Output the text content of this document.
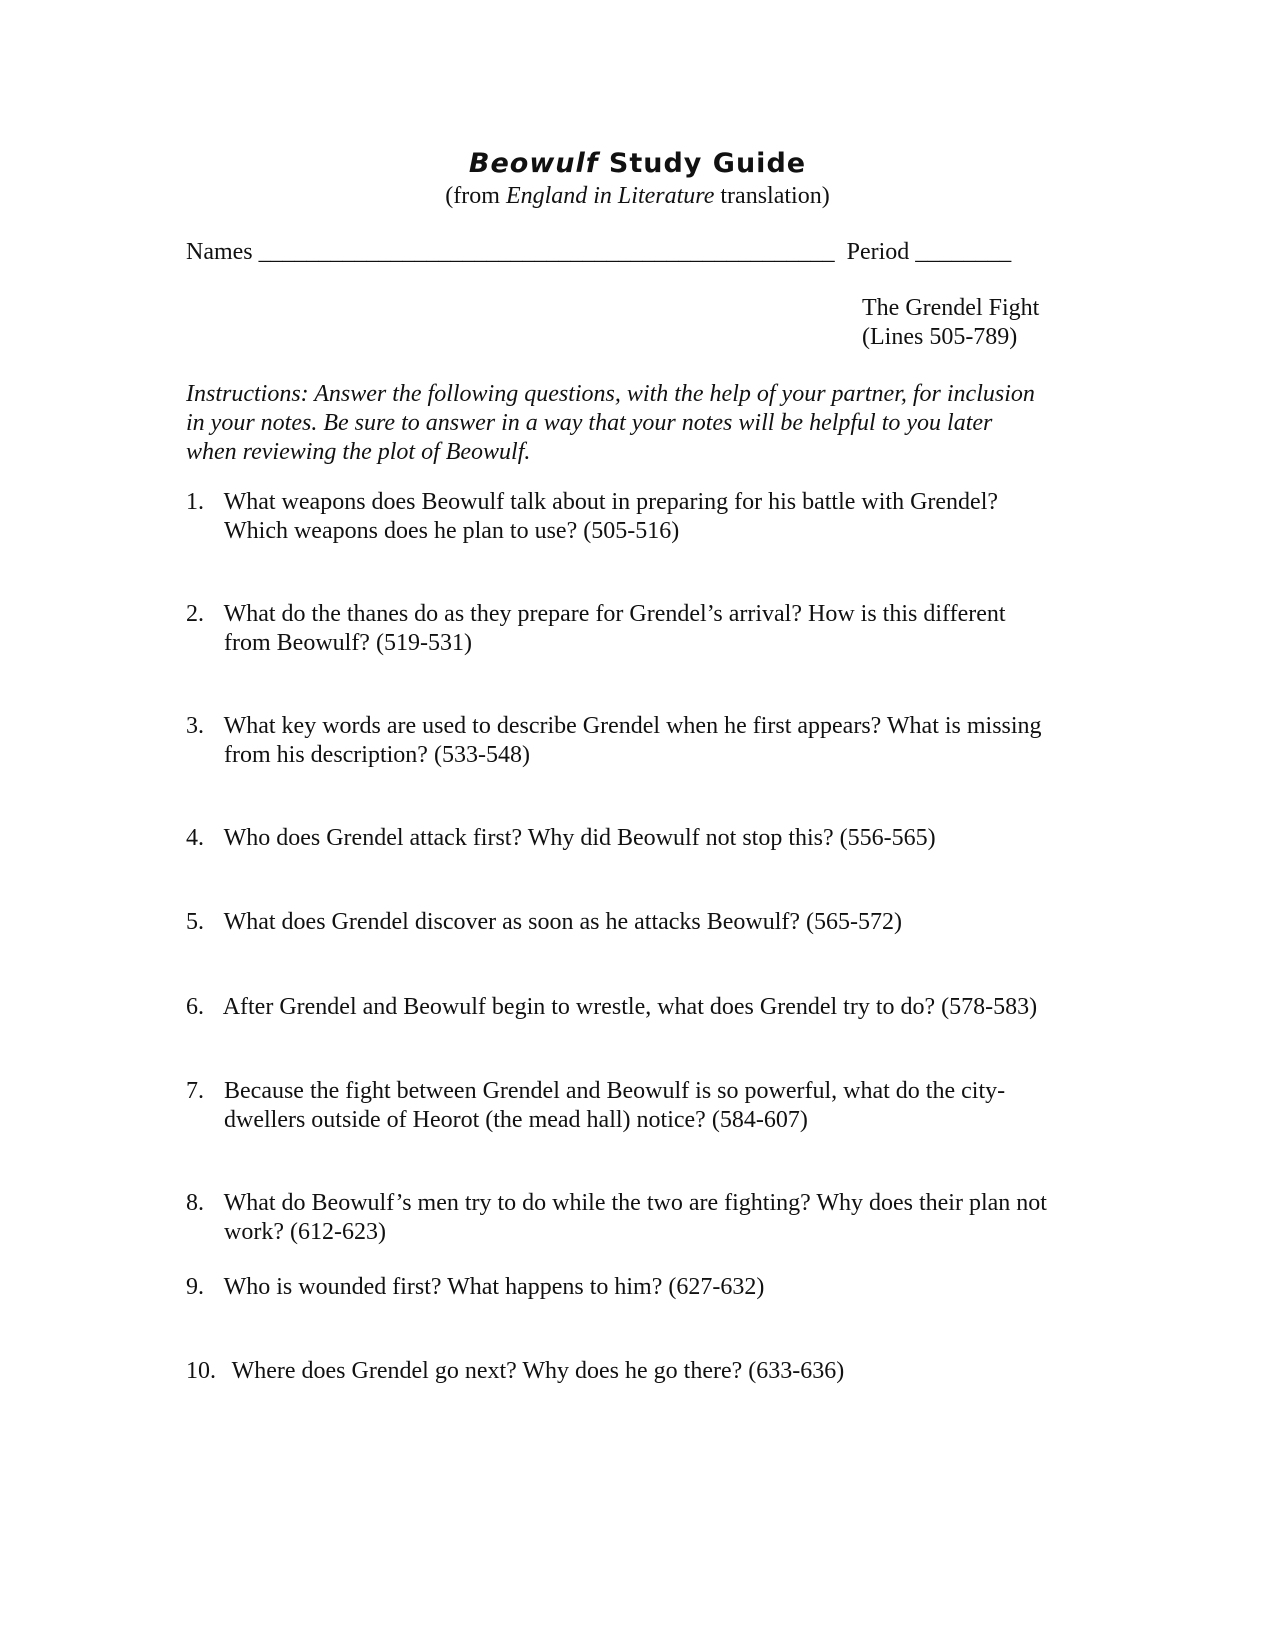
Beowulf Study Guide
(from England in Literature translation)
Names ________________________________________________  Period ________
The Grendel Fight
(Lines 505-789)
Instructions: Answer the following questions, with the help of your partner, for inclusion
in your notes. Be sure to answer in a way that your notes will be helpful to you later
when reviewing the plot of Beowulf.
1. What weapons does Beowulf talk about in preparing for his battle with Grendel?
Which weapons does he plan to use? (505-516)
2. What do the thanes do as they prepare for Grendel’s arrival? How is this different
from Beowulf? (519-531)
3. What key words are used to describe Grendel when he first appears? What is missing
from his description? (533-548)
4. Who does Grendel attack first? Why did Beowulf not stop this? (556-565)
5. What does Grendel discover as soon as he attacks Beowulf? (565-572)
6. After Grendel and Beowulf begin to wrestle, what does Grendel try to do? (578-583)
7. Because the fight between Grendel and Beowulf is so powerful, what do the city-
dwellers outside of Heorot (the mead hall) notice? (584-607)
8. What do Beowulf’s men try to do while the two are fighting? Why does their plan not
work? (612-623)
9. Who is wounded first? What happens to him? (627-632)
10. Where does Grendel go next? Why does he go there? (633-636)
